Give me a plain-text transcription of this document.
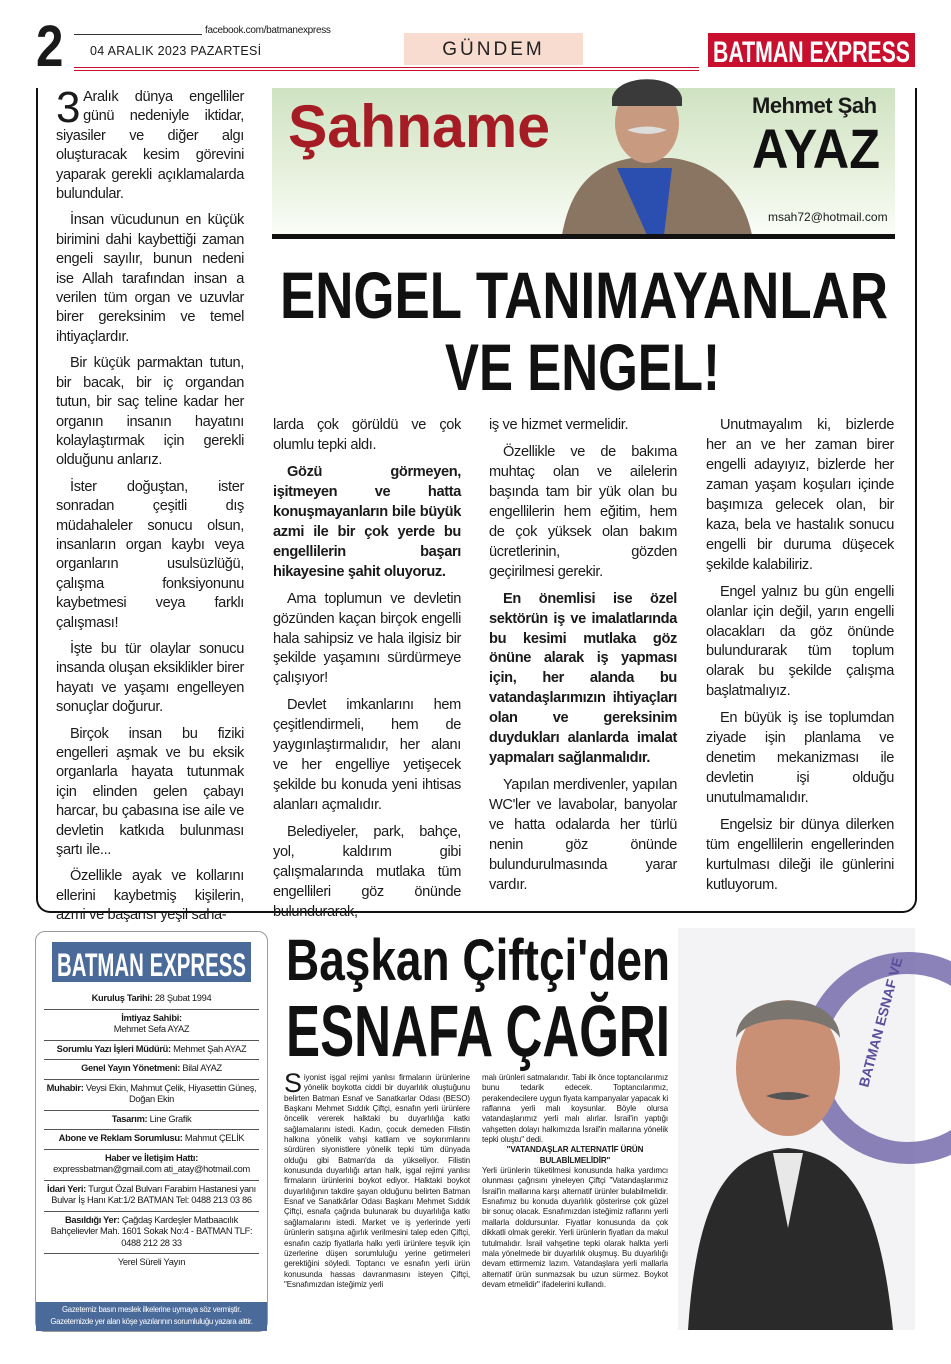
2	facebook.com/batmanexpress
04 ARALIK 2023 PAZARTESİ	GÜNDEM	BATMAN EXPRESS
Şahname	Mehmet Şah
AYAZ
msah72@hotmail.com
ENGEL TANIMAYANLAR
VE ENGEL!

3 Aralık dünya engelliler günü nedeniyle iktidar, siyasiler ve diğer algı oluşturacak kesim görevini yaparak gerekli açıklamalarda bulundular.

İnsan vücudunun en küçük birimini dahi kaybettiği zaman engeli sayılır, bunun nedeni ise Allah tarafından insan a verilen tüm organ ve uzuvlar birer gereksinim ve temel ihtiyaçlardır.

Bir küçük parmaktan tutun, bir bacak, bir iç organdan tutun, bir saç teline kadar her organın insanın hayatını kolaylaştırmak için gerekli olduğunu anlarız.

İster doğuştan, ister sonradan çeşitli dış müdahaleler sonucu olsun, insanların organ kaybı veya organların usulsüzlüğü, çalışma fonksiyonunu kaybetmesi veya farklı çalışması!

İşte bu tür olaylar sonucu insanda oluşan eksiklikler birer hayatı ve yaşamı engelleyen sonuçlar doğurur.

Birçok insan bu fiziki engelleri aşmak ve bu eksik organlarla hayata tutunmak için elinden gelen çabayı harcar, bu çabasına ise aile ve devletin katkıda bulunması şartı ile...

Özellikle ayak ve kollarını ellerini kaybetmiş kişilerin, azmi ve başarısı yeşil saha-

larda çok görüldü ve çok olumlu tepki aldı.

Gözü görmeyen, işitmeyen ve hatta konuşmayanların bile büyük azmi ile bir çok yerde bu engellilerin başarı hikayesine şahit oluyoruz.

Ama toplumun ve devletin gözünden kaçan birçok engelli hala sahipsiz ve hala ilgisiz bir şekilde yaşamını sürdürmeye çalışıyor!

Devlet imkanlarını hem çeşitlendirmeli, hem de yaygınlaştırmalıdır, her alanı ve her engelliye yetişecek şekilde bu konuda yeni ihtisas alanları açmalıdır.

Belediyeler, park, bahçe, yol, kaldırım gibi çalışmalarında mutlaka tüm engellileri göz önünde bulundurarak,

iş ve hizmet vermelidir.

Özellikle ve de bakıma muhtaç olan ve ailelerin başında tam bir yük olan bu engellilerin hem eğitim, hem de çok yüksek olan bakım ücretlerinin, gözden geçirilmesi gerekir.

En önemlisi ise özel sektörün iş ve imalatlarında bu kesimi mutlaka göz önüne alarak iş yapması için, her alanda bu vatandaşlarımızın ihtiyaçları olan ve gereksinim duydukları alanlarda imalat yapmaları sağlanmalıdır.

Yapılan merdivenler, yapılan WC'ler ve lavabolar, banyolar ve hatta odalarda her türlü nenin göz önünde bulundurulmasında yarar vardır.

Unutmayalım ki, bizlerde her an ve her zaman birer engelli adayıyız, bizlerde her zaman yaşam koşuları içinde başımıza gelecek olan, bir kaza, bela ve hastalık sonucu engelli bir duruma düşecek şekilde kalabiliriz.

Engel yalnız bu gün engelli olanlar için değil, yarın engelli olacakları da göz önünde bulundurarak tüm toplum olarak bu şekilde çalışma başlatmalıyız.

En büyük iş ise toplumdan ziyade işin planlama ve denetim mekanizması ile devletin işi olduğu unutulmamalıdır.

Engelsiz bir dünya dilerken tüm engellilerin engellerinden kurtulması dileği ile günlerini kutluyorum.

BATMAN EXPRESS
Kuruluş Tarihi: 28 Şubat 1994
İmtiyaz Sahibi:
Mehmet Sefa AYAZ
Sorumlu Yazı İşleri Müdürü: Mehmet Şah AYAZ
Genel Yayın Yönetmeni: Bilal AYAZ
Muhabir: Veysi Ekin, Mahmut Çelik, Hiyasettin Güneş, Doğan Ekin
Tasarım: Line Grafik
Abone ve Reklam Sorumlusu: Mahmut ÇELİK
Haber ve İletişim Hattı:
expressbatman@gmail.com ati_atay@hotmail.com
İdari Yeri: Turgut Özal Bulvarı Farabim Hastanesi yanı Bulvar İş Hanı Kat:1/2 BATMAN Tel: 0488 213 03 86
Basıldığı Yer: Çağdaş Kardeşler Matbaacılık Bahçelievler Mah. 1601 Sokak No:4 - BATMAN TLF: 0488 212 28 33
Yerel Süreli Yayın
Gazetemiz basın meslek ilkelerine uymaya söz vermiştir.
Gazetemizde yer alan köşe yazılarının sorumluluğu yazara aittir.
Başkan Çiftçi'den
ESNAFA ÇAĞRI

Siyonist işgal rejimi yanlısı firmaların ürünlerine yönelik boykotta ciddi bir duyarlılık oluştuğunu belirten Batman Esnaf ve Sanatkarlar Odası (BESO) Başkanı Mehmet Sıddık Çiftçi, esnafın yerli ürünlere öncelik vererek halktaki bu duyarlılığa katkı sağlamalarını istedi. Kadın, çocuk demeden Filistin halkına yönelik vahşi katliam ve soykırımlarını sürdüren siyonistlere yönelik tepki tüm dünyada olduğu gibi Batman'da da yükseliyor. Filistin konusunda duyarlılığı artan halk, işgal rejimi yanlısı firmaların ürünlerini boykot ediyor. Halktaki boykot duyarlılığının takdire şayan olduğunu belirten Batman Esnaf ve Sanatkârlar Odası Başkanı Mehmet Sıddık Çiftçi, esnafa çağrıda bulunarak bu duyarlılığa katkı sağlamalarını istedi. Market ve iş yerlerinde yerli ürünlerin satışına ağırlık verilmesini talep eden Çiftçi, esnafın cazip fiyatlarla halkı yerli ürünlere teşvik için üzerlerine düşen sorumluluğu yerine getirmeleri gerektiğini söyledi. Toptancı ve esnafın yerli ürün konusunda hassas davranmasını isteyen Çiftçi, "Esnafımızdan isteğimiz yerli

malı ürünleri satmalarıdır. Tabi ilk önce toptancılarımız bunu tedarik edecek. Toptancılarımız, perakendecilere uygun fiyata kampanyalar yapacak ki raflarına yerli malı koysunlar. Böyle olursa vatandaşlarımız yerli malı alırlar. İsrail'in yaptığı vahşetten dolayı halkımızda İsrail'in mallarına yönelik tepki oluştu" dedi.

"VATANDAŞLAR ALTERNATİF ÜRÜN BULABİLMELİDİR"

Yerli ürünlerin tüketilmesi konusunda halka yardımcı olunması çağrısını yineleyen Çiftçi "Vatandaşlarımız İsrail'in mallarına karşı alternatif ürünler bulabilmelidir. Esnafımız bu konuda duyarlılık gösterirse çok güzel bir sonuç olacak. Esnafımızdan isteğimiz raflarını yerli mallarla doldursunlar. Fiyatlar konusunda da çok dikkatli olmak gerekir. Yerli ürünlerin fiyatları da makul tutulmalıdır. İsrail vahşetine tepki olarak halkta yerli mala yönelmede bir duyarlılık oluşmuş. Bu duyarlılığı devam ettirmemiz lazım. Vatandaşlara yerli mallarla alternatif ürün sunmazsak bu uzun sürmez. Boykot devam etmelidir" ifadelerini kullandı.

BATMAN ESNAF VE
